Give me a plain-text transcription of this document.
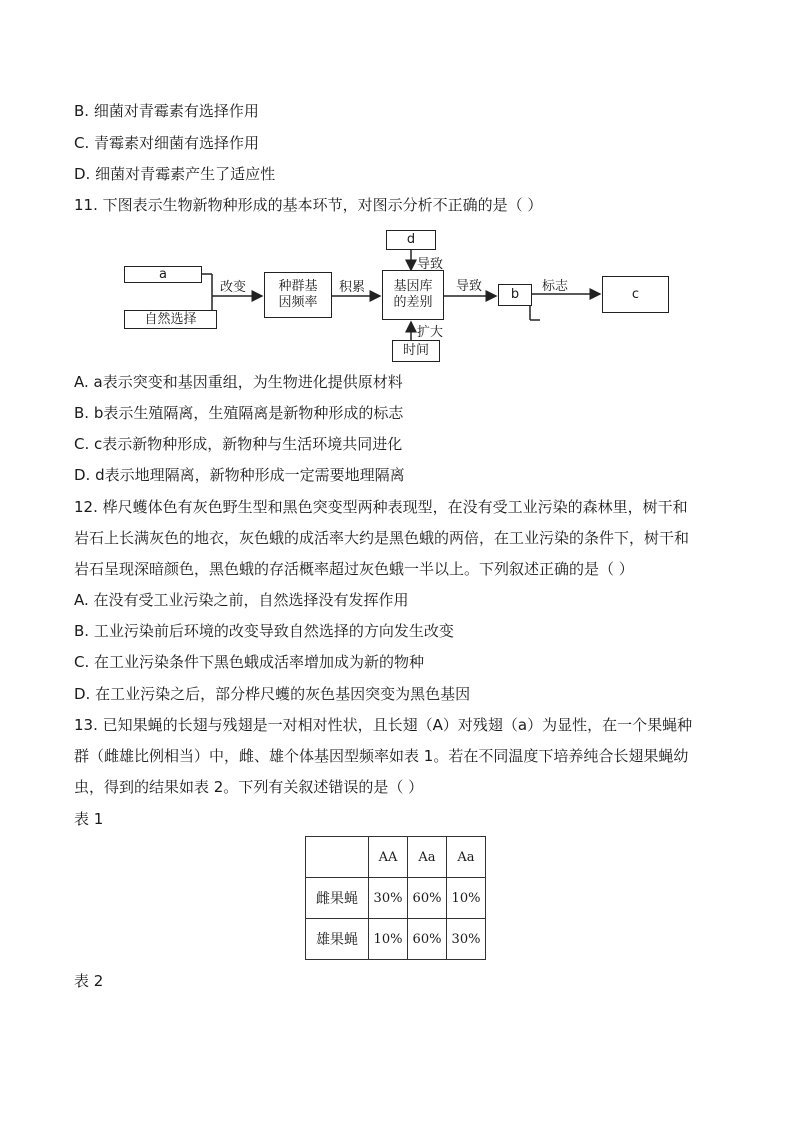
B. 细菌对青霉素有选择作用
C. 青霉素对细菌有选择作用
D. 细菌对青霉素产生了适应性
11. 下图表示生物新物种形成的基本环节，对图示分析不正确的是（ ）
a
自然选择
改变 种群基
因频率
积累 基因库
的差别
d
导致
导致
b
标志	c
扩大
时间
A. a表示突变和基因重组，为生物进化提供原材料
B. b表示生殖隔离，生殖隔离是新物种形成的标志
C. c表示新物种形成，新物种与生活环境共同进化
D. d表示地理隔离，新物种形成一定需要地理隔离
12. 桦尺蠖体色有灰色野生型和黑色突变型两种表现型，在没有受工业污染的森林里，树干和
岩石上长满灰色的地衣，灰色蛾的成活率大约是黑色蛾的两倍，在工业污染的条件下，树干和
岩石呈现深暗颜色，黑色蛾的存活概率超过灰色蛾一半以上。下列叙述正确的是（ ）
A. 在没有受工业污染之前，自然选择没有发挥作用
B. 工业污染前后环境的改变导致自然选择的方向发生改变
C. 在工业污染条件下黑色蛾成活率增加成为新的物种
D. 在工业污染之后，部分桦尺蠖的灰色基因突变为黑色基因
13. 已知果蝇的长翅与残翅是一对相对性状，且长翅（A）对残翅（a）为显性，在一个果蝇种
群（雌雄比例相当）中，雌、雄个体基因型频率如表 1。若在不同温度下培养纯合长翅果蝇幼
虫，得到的结果如表 2。下列有关叙述错误的是（ ）
表 1
	AA	Aa	Aa
雌果蝇	30%	60%	10%
雄果蝇	10%	60%	30%
表 2
